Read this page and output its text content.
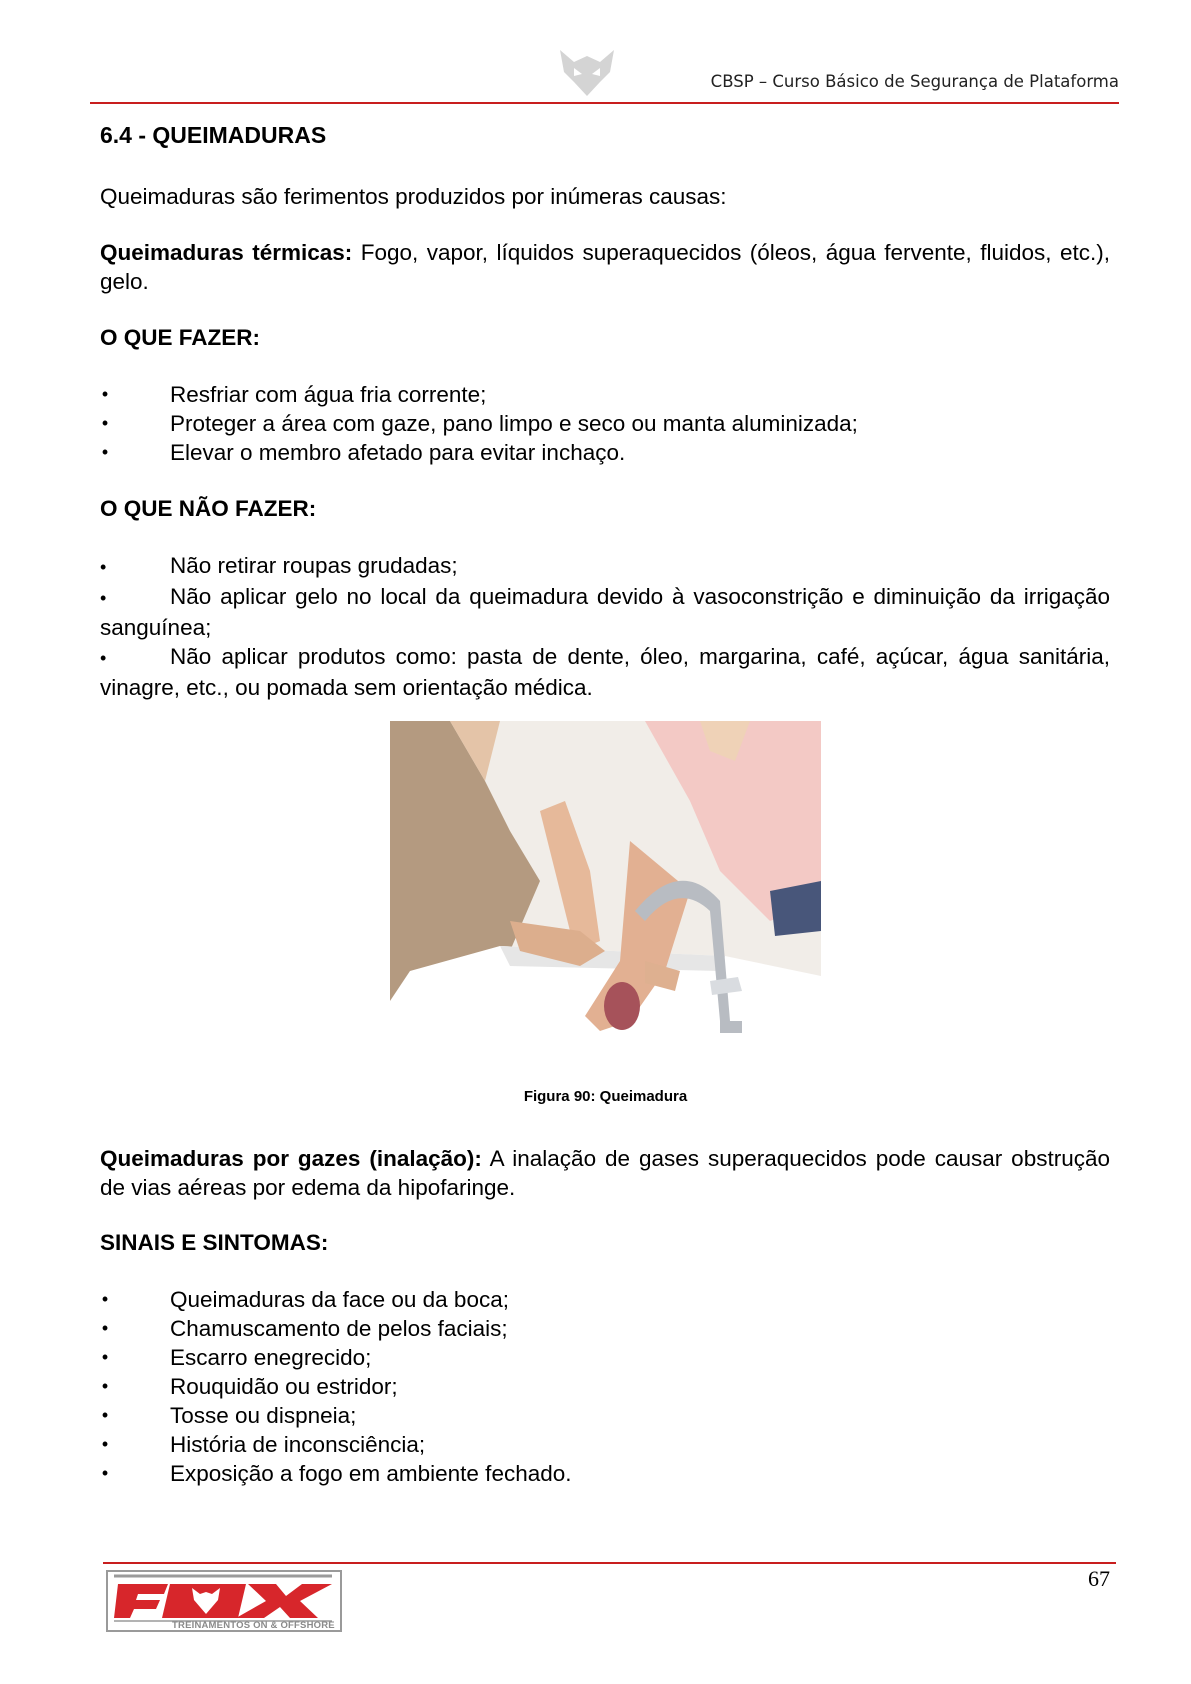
CBSP – Curso Básico de Segurança de Plataforma
6.4 - QUEIMADURAS
Queimaduras são ferimentos produzidos por inúmeras causas:
Queimaduras térmicas: Fogo, vapor, líquidos superaquecidos (óleos, água fervente, fluidos, etc.), gelo.
O QUE FAZER:
•	Resfriar com água fria corrente;
•	Proteger a área com gaze, pano limpo e seco ou manta aluminizada;
•	Elevar o membro afetado para evitar inchaço.
O QUE NÃO FAZER:
•	Não retirar roupas grudadas;
•	Não aplicar gelo no local da queimadura devido à vasoconstrição e diminuição da irrigação sanguínea;
•	Não aplicar produtos como: pasta de dente, óleo, margarina, café, açúcar, água sanitária, vinagre, etc., ou pomada sem orientação médica.
Figura 90: Queimadura
Queimaduras por gazes (inalação): A inalação de gases superaquecidos pode causar obstrução de vias aéreas por edema da hipofaringe.
SINAIS E SINTOMAS:
•	Queimaduras da face ou da boca;
•	Chamuscamento de pelos faciais;
•	Escarro enegrecido;
•	Rouquidão ou estridor;
•	Tosse ou dispneia;
•	História de inconsciência;
•	Exposição a fogo em ambiente fechado.
67
TREINAMENTOS ON & OFFSHORE
